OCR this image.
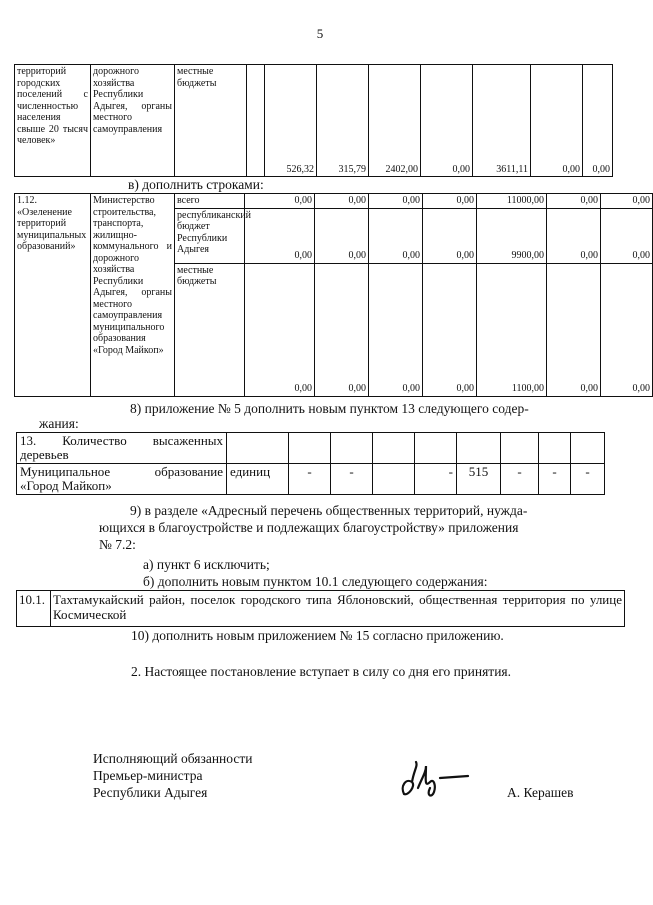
5
территорий городских поселений с численностью населения свыше 20 тысяч человек»	дорожного хозяйства Республики Адыгея, органы местного самоуправления	местные бюджеты		526,32	315,79	2402,00	0,00	3611,11	0,00	0,00
в) дополнить строками:
1.12. «Озеленение территорий муниципальных образований»	Министерство строительства, транспорта, жилищно-коммунального и дорожного хозяйства Республики Адыгея, органы местного самоуправления муниципального образования «Город Майкоп»	всего	0,00	0,00	0,00	0,00	11000,00	0,00	0,00
		республиканский бюджет Республики Адыгея	0,00	0,00	0,00	0,00	9900,00	0,00	0,00
		местные бюджеты	0,00	0,00	0,00	0,00	1100,00	0,00	0,00
8) приложение № 5 дополнить новым пунктом 13 следующего содер-
жания:
13. Количество высаженных деревьев									
Муниципальное образование «Город Майкоп»	единиц	-	-		-	515	-	-	-
9) в разделе «Адресный перечень общественных территорий, нужда-
ющихся в благоустройстве и подлежащих благоустройству» приложения
№ 7.2:
а) пункт 6 исключить;
б) дополнить новым пунктом 10.1 следующего содержания:
10.1.	Тахтамукайский район, поселок городского типа Яблоновский, общественная территория по улице Космической
10) дополнить новым приложением № 15 согласно приложению.
2. Настоящее постановление вступает в силу со дня его принятия.
Исполняющий обязанности
Премьер-министра
Республики Адыгея	А. Керашев
